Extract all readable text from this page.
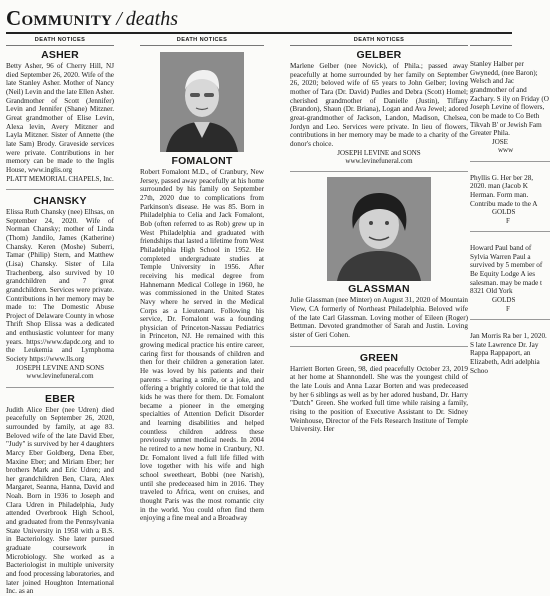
Community / deaths
DEATH NOTICES
ASHER

Betty Asher, 96 of Cherry Hill, NJ died September 26, 2020. Wife of the late Stanley Asher. Mother of Nancy (Neil) Levin and the late Ellen Asher. Grandmother of Scott (Jennifer) Levin and Jennifer (Shane) Mitzner. Great grandmother of Elise Levin, Alexa levin, Avery Mitzner and Layla Mitzner. Sister of Annette (the late Sam) Brody. Graveside services were private. Contributions in her memory can be made to the Inglis House, www.inglis.org

PLATT MEMORIAL CHAPELS, Inc.

CHANSKY

Elissa Ruth Chansky (nee) Elhsas, on September 24, 2020. Wife of Norman Chansky; mother of Linda (Thom) Jandilo, James (Katherine) Chansky. Keren (Moshe) Suberri, Tamar (Philip) Stern, and Matthew (Lisa) Chansky. Sister of Lila Trachenberg, also survived by 10 grandchildren and 7 great grandchildren. Services were private. Contributions in her memory may be made to: The Domestic Abuse Project of Delaware County in whose Thrift Shop Elissa was a dedicated and enthusiastic volunteer for many years. https://www.dapdc.org and to the Leukemia and Lymphoma Society https://www.lls.org

JOSEPH LEVINE AND SONS

www.levinefuneral.com

EBER

Judith Alice Eber (nee Udren) died peacefully on September 26, 2020, surrounded by family, at age 83. Beloved wife of the late David Eber, "Judy" is survived by her 4 daughters Marcy Eber Goldberg, Dena Eber, Maxine Eber; and Miriam Eber; her brothers Mark and Eric Udren; and her grandchildren Ben, Clara, Alex Margaret, Seanna, Hanna, David and Noah. Born in 1936 to Joseph and Clara Udren in Philadelphia, Judy attended Overbrook High School, and graduated from the Pennsylvania State University in 1958 with a B.S. in Bacteriology. She later pursued graduate coursework in Microbiology. She worked as a Bacteriologist in multiple university and food processing laboratories, and later joined Houghton International Inc. as an

DEATH NOTICES
FOMALONT

Robert Fomalont M.D., of Cranbury, New Jersey, passed away peacefully at his home surrounded by his family on September 27th, 2020 due to complications from Parkinson's disease. He was 85. Born in Philadelphia to Celia and Jack Fomalont, Bob (often referred to as Rob) grew up in West Philadelphia and graduated with friendships that lasted a lifetime from West Philadelphia High School in 1952. He completed undergraduate studies at Temple University in 1956. After receiving his medical degree from Hahnemann Medical College in 1960, he was commissioned in the United States Navy where he served in the Medical Corps as a Lieutenant. Following his service, Dr. Fomalont was a founding physician of Princeton-Nassau Pediatrics in Princeton, NJ. He remained with this growing medical practice his entire career, caring first for thousands of children and then for their children a generation later. He was loved by his patients and their parents – sharing a smile, or a joke, and offering a brightly colored tie that told the kids he was there for them. Dr. Fomalont became a pioneer in the emerging specialties of Attention Deficit Disorder and learning disabilities and helped countless children address these previously unmet medical needs. In 2004 he retired to a new home in Cranbury, NJ. Dr. Fomalont lived a full life filled with love together with his wife and high school sweetheart, Bobbi (nee Narish), until she predeceased him in 2016. They traveled to Africa, went on cruises, and thought Paris was the most romantic city in the world. You could often find them enjoying a fine meal and a Broadway

DEATH NOTICES
GELBER

Marlene Gelber (nee Novick), of Phila.; passed away peacefully at home surrounded by her family on September 26, 2020; beloved wife of 65 years to John Gelber; loving mother of Tara (Dr. David) Pudles and Debra (Scott) Homel; cherished grandmother of Danielle (Justin), Tiffany (Brandon), Shaun (Dr. Briana), Logan and Ava Jewel; adored great-grandmother of Jackson, Landon, Madison, Chelsea, Jordyn and Leo. Services were private. In lieu of flowers, contributions in her memory may be made to a charity of the donor's choice.

JOSEPH LEVINE and SONS

www.levinefuneral.com

GLASSMAN

Julie Glassman (nee Minter) on August 31, 2020 of Mountain View, CA formerly of Northeast Philadelphia. Beloved wife of the late Carl Glassman. Loving mother of Eileen (Roger) Bettman. Devoted grandmother of Sarah and Justin. Loving sister of Geri Cohen.

GREEN

Harriett Borten Green, 98, died peacefully October 23, 2019 at her home at Shannondell. She was the youngest child of the late Louis and Anna Lazar Borten and was predeceased by her 6 siblings as well as by her adored husband, Dr. Harry "Dutch" Green. She worked full time while raising a family, rising to the position of Executive Assistant to Dr. Sidney Weinhouse, Director of the Fels Research Institute of Temple University. Her

Stanley Halber per Gwynedd, (nee Baron); Welsch and Jac grandmother of and Zachary. S ily on Friday (O Joseph Levine of flowers, con be made to Co Beth Tikvah B' or Jewish Fam Greater Phila.

JOSE

www

Phyllis G. Her ber 28, 2020. man (Jacob K Herman. Form man. Contribu made to the A

GOLDS

F

Howard Paul band of Sylvia Warren Paul a survived by 5 member of Be Equity Lodge A ies salesman. may be made t 8321 Old York

GOLDS

F

Jan Morris Ra ber 1, 2020. S late Lawrence Dr. Jay Rappa Rappaport, an Elizabeth, Adri adelphia Schoo
